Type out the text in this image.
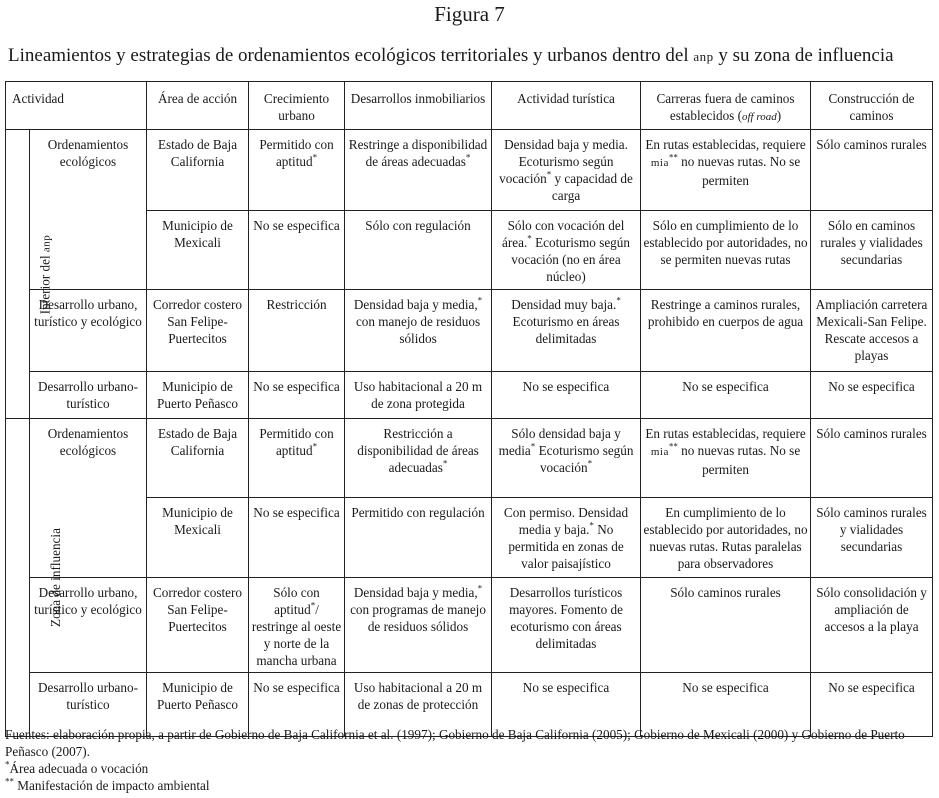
Figura 7
Lineamientos y estrategias de ordenamientos ecológicos territoriales y urbanos dentro del anp y su zona de influencia
Actividad		Área de acción	Crecimiento urbano	Desarrollos inmobiliarios	Actividad turística	Carreras fuera de caminos establecidos (off road)	Construcción de caminos
Interior del anp	Ordenamientos ecológicos	Estado de Baja California	Permitido con aptitud*	Restringe a disponibilidad de áreas adecuadas*	Densidad baja y media. Ecoturismo según vocación* y capacidad de carga	En rutas establecidas, requiere mia** no nuevas rutas. No se permiten	Sólo caminos rurales
		Municipio de Mexicali	No se especifica	Sólo con regulación	Sólo con vocación del área.* Ecoturismo según vocación (no en área núcleo)	Sólo en cumplimiento de lo establecido por autoridades, no se permiten nuevas rutas	Sólo en caminos rurales y vialidades secundarias
	Desarrollo urbano, turístico y ecológico	Corredor costero San Felipe-Puertecitos	Restricción	Densidad baja y media,* con manejo de residuos sólidos	Densidad muy baja.* Ecoturismo en áreas delimitadas	Restringe a caminos rurales, prohibido en cuerpos de agua	Ampliación carretera Mexicali-San Felipe. Rescate accesos a playas
	Desarrollo urbano-turístico	Municipio de Puerto Peñasco	No se especifica	Uso habitacional a 20 m de zona protegida	No se especifica	No se especifica	No se especifica
Zona de influencia	Ordenamientos ecológicos	Estado de Baja California	Permitido con aptitud*	Restricción a disponibilidad de áreas adecuadas*	Sólo densidad baja y media* Ecoturismo según vocación*	En rutas establecidas, requiere mia** no nuevas rutas. No se permiten	Sólo caminos rurales
		Municipio de Mexicali	No se especifica	Permitido con regulación	Con permiso. Densidad media y baja.* No permitida en zonas de valor paisajístico	En cumplimiento de lo establecido por autoridades, no nuevas rutas. Rutas paralelas para observadores	Sólo caminos rurales y vialidades secundarias
	Desarrollo urbano, turístico y ecológico	Corredor costero San Felipe-Puertecitos	Sólo con aptitud*/ restringe al oeste y norte de la mancha urbana	Densidad baja y media,* con programas de manejo de residuos sólidos	Desarrollos turísticos mayores. Fomento de ecoturismo con áreas delimitadas	Sólo caminos rurales	Sólo consolidación y ampliación de accesos a la playa
	Desarrollo urbano-turístico	Municipio de Puerto Peñasco	No se especifica	Uso habitacional a 20 m de zonas de protección	No se especifica	No se especifica	No se especifica

Fuentes: elaboración propia, a partir de Gobierno de Baja California et al. (1997); Gobierno de Baja California (2005); Gobierno de Mexicali (2000) y Gobierno de Puerto Peñasco (2007).

*Área adecuada o vocación

** Manifestación de impacto ambiental
